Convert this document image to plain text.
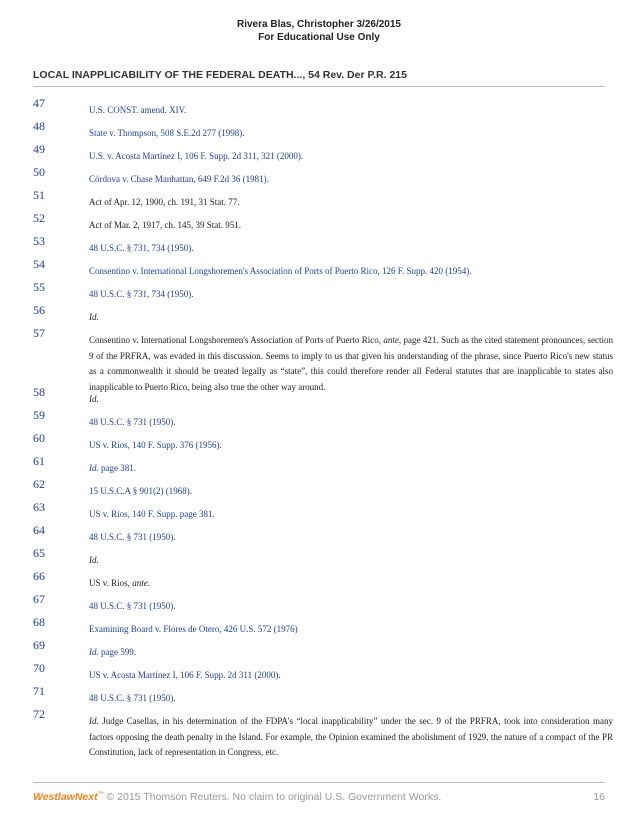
Rivera Blas, Christopher 3/26/2015
For Educational Use Only
LOCAL INAPPLICABILITY OF THE FEDERAL DEATH..., 54 Rev. Der P.R. 215
47	U.S. CONST. amend. XIV.
48	State v. Thompson, 508 S.E.2d 277 (1998).
49	U.S. v. Acosta Martínez I, 106 F. Supp. 2d 311, 321 (2000).
50	Córdova v. Chase Manhattan, 649 F.2d 36 (1981).
51	Act of Apr. 12, 1900, ch. 191, 31 Stat. 77.
52	Act of Mar. 2, 1917, ch. 145, 39 Stat. 951.
53	48 U.S.C. § 731, 734 (1950).
54	Consentino v. International Longshoremen's Association of Ports of Puerto Rico, 126 F. Supp. 420 (1954).
55	48 U.S.C. § 731, 734 (1950).
56	Id.
57	Consentino v. International Longshoremen's Association of Ports of Puerto Rico, ante, page 421. Such as the cited statement pronounces, section 9 of the PRFRA, was evaded in this discussion. Seems to imply to us that given his understanding of the phrase, since Puerto Rico's new status as a commonwealth it should be treated legally as “state”, this could therefore render all Federal statutes that are inapplicable to states also inapplicable to Puerto Rico, being also true the other way around.
58	Id.
59	48 U.S.C. § 731 (1950).
60	US v. Ríos, 140 F. Supp. 376 (1956).
61	Id. page 381.
62	15 U.S.C.A § 901(2) (1968).
63	US v. Ríos, 140 F. Supp. page 381.
64	48 U.S.C. § 731 (1950).
65	Id.
66	US v. Ríos, ante.
67	48 U.S.C. § 731 (1950).
68	Examining Board v. Flores de Otero, 426 U.S. 572 (1976)
69	Id. page 599.
70	US v. Acosta Martínez I, 106 F. Supp. 2d 311 (2000).
71	48 U.S.C. § 731 (1950).
72	Id. Judge Casellas, in his determination of the FDPA's “local inapplicability” under the sec. 9 of the PRFRA, took into consideration many factors opposing the death penalty in the Island. For example, the Opinion examined the abolishment of 1929, the nature of a compact of the PR Constitution, lack of representation in Congress, etc.
WestlawNext™ © 2015 Thomson Reuters. No claim to original U.S. Government Works.	16
